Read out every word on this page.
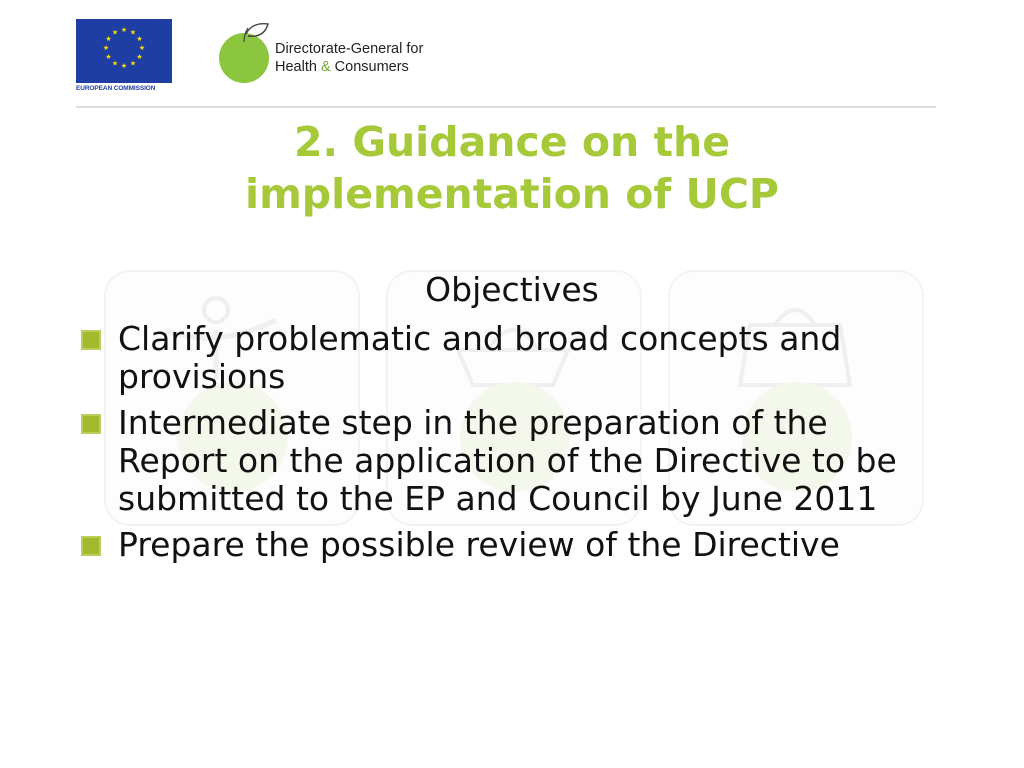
★ ★
★
★
★
★
★
★
★
★
★
★
EUROPEAN COMMISSION
Directorate-General for
Health & Consumers
2. Guidance on the
implementation of UCP
Objectives
Clarify problematic and broad concepts and provisions
Intermediate step in the preparation of the Report on the application of the Directive to be submitted to the EP and Council by June 2011
Prepare the possible review of the Directive
